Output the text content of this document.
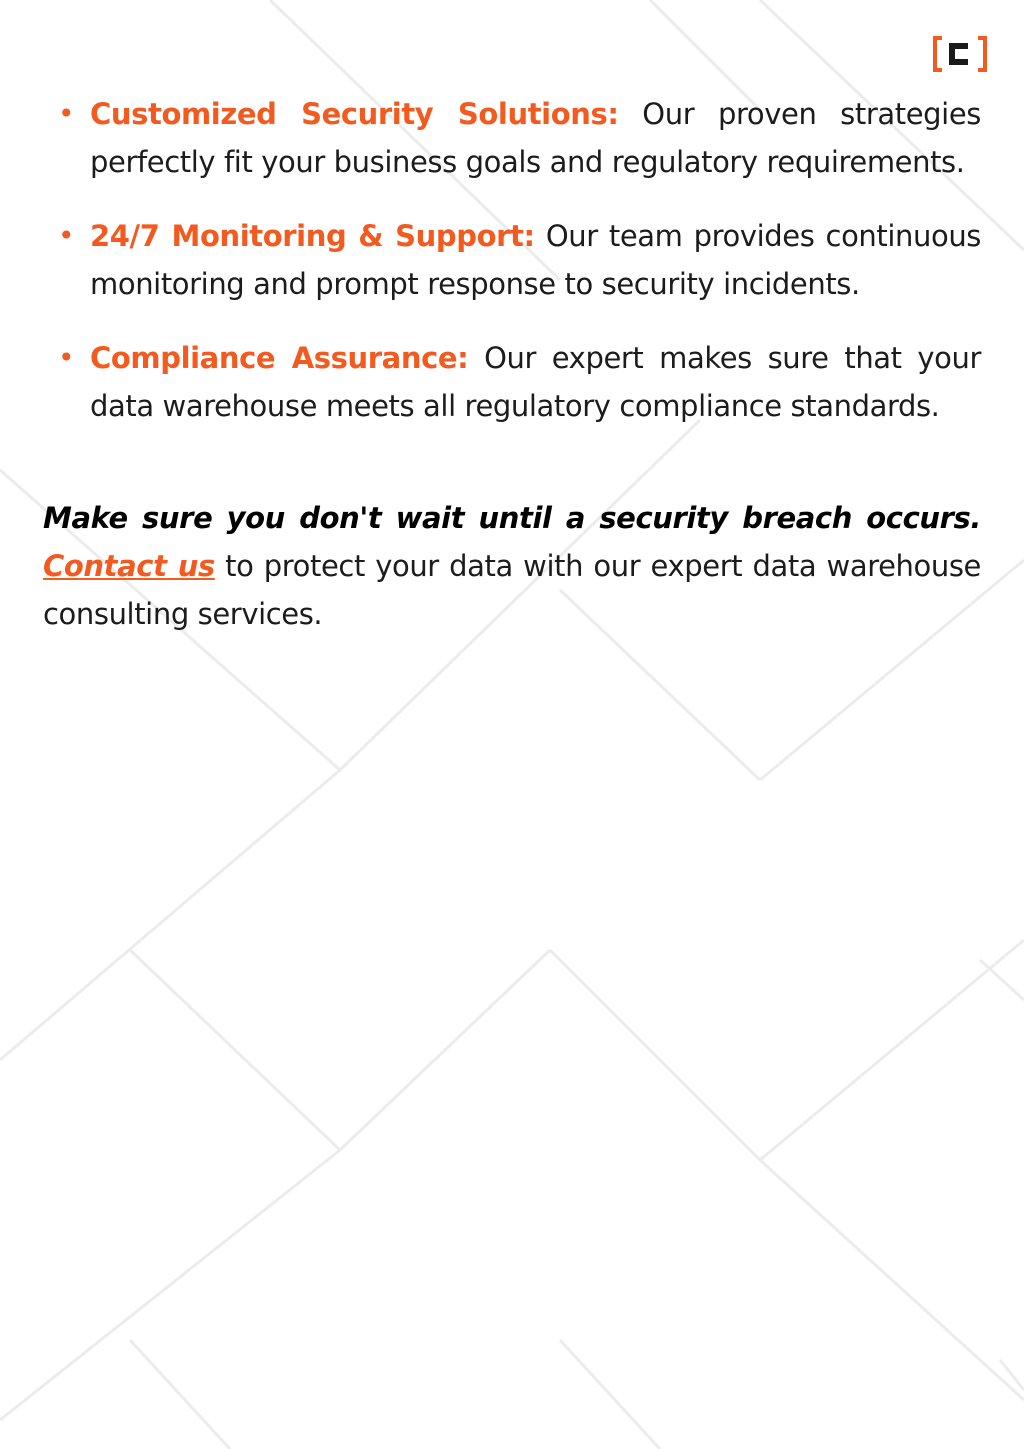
• Customized Security Solutions: Our proven strategies perfectly fit your business goals and regulatory requirements.
• 24/7 Monitoring & Support: Our team provides continuous monitoring and prompt response to security incidents.
• Compliance Assurance: Our expert makes sure that your data warehouse meets all regulatory compliance standards.

Make sure you don't wait until a security breach occurs. Contact us to protect your data with our expert data warehouse consulting services.
